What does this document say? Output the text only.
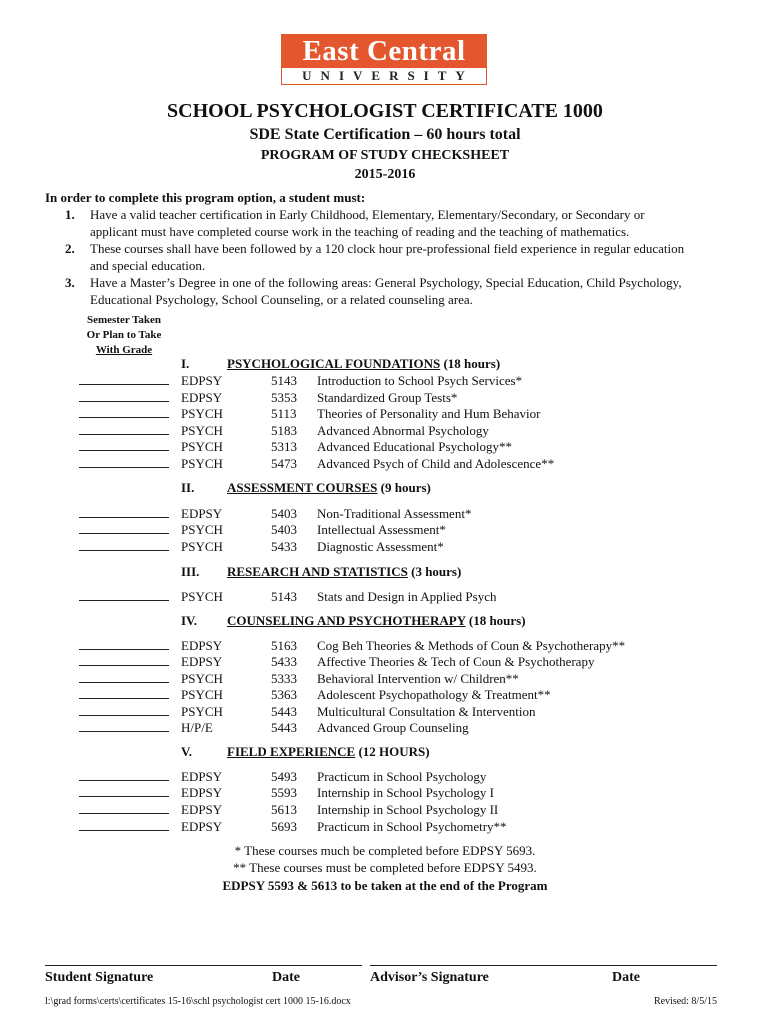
East Central
UNIVERSITY
SCHOOL PSYCHOLOGIST CERTIFICATE 1000
SDE State Certification – 60 hours total
PROGRAM OF STUDY CHECKSHEET
2015-2016
In order to complete this program option, a student must:
1. Have a valid teacher certification in Early Childhood, Elementary, Elementary/Secondary, or Secondary or
applicant must have completed course work in the teaching of reading and the teaching of mathematics.
2. These courses shall have been followed by a 120 clock hour pre-professional field experience in regular education
and special education.
3. Have a Master’s Degree in one of the following areas: General Psychology, Special Education, Child Psychology,
Educational Psychology, School Counseling, or a related counseling area.
Semester Taken
Or Plan to Take
With Grade
I.	PSYCHOLOGICAL FOUNDATIONS (18 hours)
EDPSY	5143 Introduction to School Psych Services*
EDPSY	5353 Standardized Group Tests*
PSYCH	5113 Theories of Personality and Hum Behavior
PSYCH	5183 Advanced Abnormal Psychology
PSYCH	5313 Advanced Educational Psychology**
PSYCH	5473 Advanced Psych of Child and Adolescence**
II.	ASSESSMENT COURSES (9 hours)
EDPSY	5403 Non-Traditional Assessment*
PSYCH	5403 Intellectual Assessment*
PSYCH	5433 Diagnostic Assessment*
III. RESEARCH AND STATISTICS (3 hours)
PSYCH	5143 Stats and Design in Applied Psych
IV. COUNSELING AND PSYCHOTHERAPY (18 hours)
EDPSY	5163 Cog Beh Theories & Methods of Coun & Psychotherapy**
EDPSY	5433 Affective Theories & Tech of Coun & Psychotherapy
PSYCH	5333 Behavioral Intervention w/ Children**
PSYCH	5363 Adolescent Psychopathology & Treatment**
PSYCH	5443 Multicultural Consultation & Intervention
H/P/E	5443 Advanced Group Counseling
V.	FIELD EXPERIENCE (12 HOURS)
EDPSY	5493 Practicum in School Psychology
EDPSY	5593 Internship in School Psychology I
EDPSY	5613 Internship in School Psychology II
EDPSY	5693 Practicum in School Psychometry**
* These courses much be completed before EDPSY 5693.
** These courses must be completed before EDPSY 5493.
EDPSY 5593 & 5613 to be taken at the end of the Program
Student Signature	Date	Advisor’s Signature	Date
l:\grad forms\certs\certificates 15-16\schl psychologist cert 1000 15-16.docx	Revised: 8/5/15
